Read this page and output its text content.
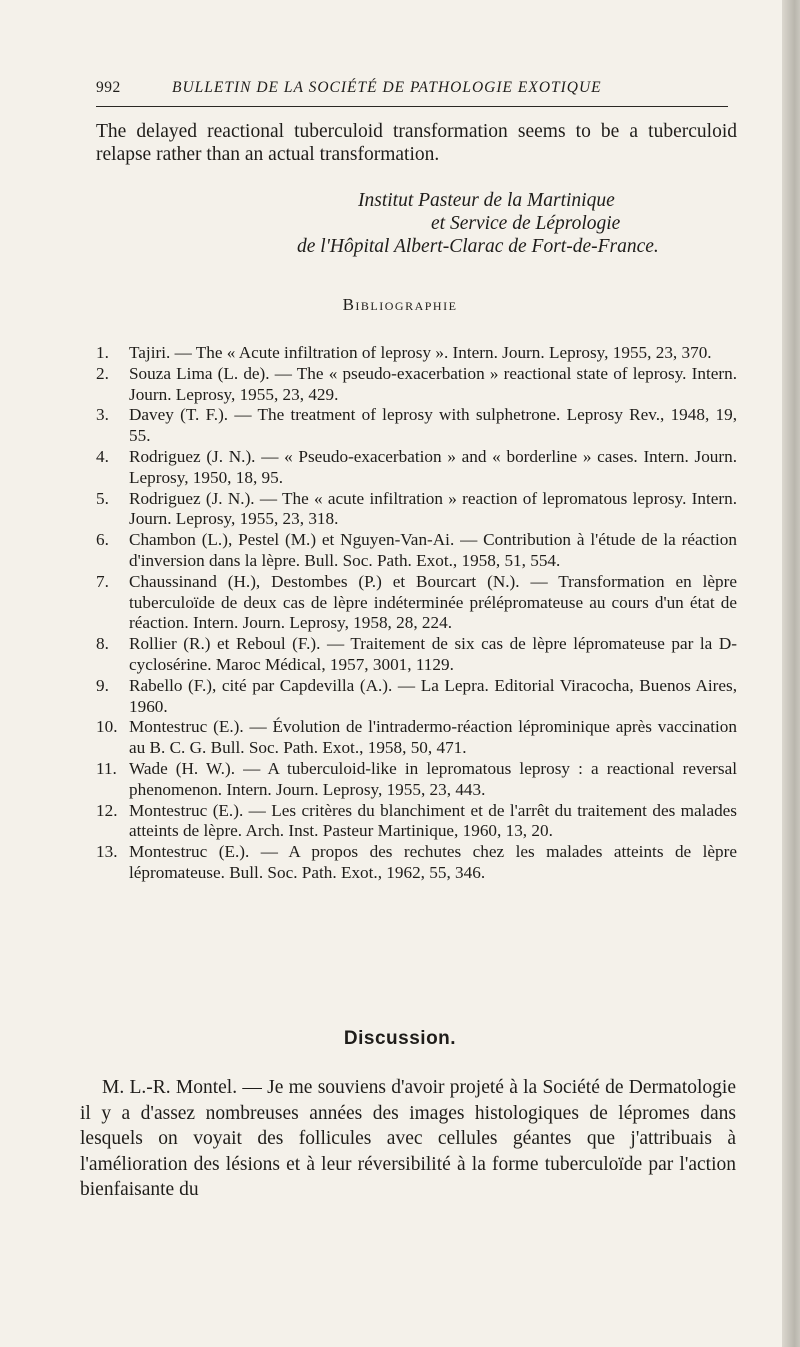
992	BULLETIN DE LA SOCIÉTÉ DE PATHOLOGIE EXOTIQUE
The delayed reactional tuberculoid transformation seems to be a tuberculoid relapse rather than an actual transformation.
Institut Pasteur de la Martinique
et Service de Léprologie
de l'Hôpital Albert-Clarac de Fort-de-France.
Bibliographie
1.	Tajiri. — The « Acute infiltration of leprosy ». Intern. Journ. Leprosy, 1955, 23, 370.
2.	Souza Lima (L. de). — The « pseudo-exacerbation » reactional state of leprosy. Intern. Journ. Leprosy, 1955, 23, 429.
3.	Davey (T. F.). — The treatment of leprosy with sulphetrone. Leprosy Rev., 1948, 19, 55.
4.	Rodriguez (J. N.). — « Pseudo-exacerbation » and « borderline » cases. Intern. Journ. Leprosy, 1950, 18, 95.
5.	Rodriguez (J. N.). — The « acute infiltration » reaction of lepromatous leprosy. Intern. Journ. Leprosy, 1955, 23, 318.
6.	Chambon (L.), Pestel (M.) et Nguyen-Van-Ai. — Contribution à l'étude de la réaction d'inversion dans la lèpre. Bull. Soc. Path. Exot., 1958, 51, 554.
7.	Chaussinand (H.), Destombes (P.) et Bourcart (N.). — Transformation en lèpre tuberculoïde de deux cas de lèpre indéterminée prélépromateuse au cours d'un état de réaction. Intern. Journ. Leprosy, 1958, 28, 224.
8.	Rollier (R.) et Reboul (F.). — Traitement de six cas de lèpre lépromateuse par la D-cyclosérine. Maroc Médical, 1957, 3001, 1129.
9.	Rabello (F.), cité par Capdevilla (A.). — La Lepra. Editorial Viracocha, Buenos Aires, 1960.
10. Montestruc (E.). — Évolution de l'intradermo-réaction léprominique après vaccination au B. C. G. Bull. Soc. Path. Exot., 1958, 50, 471.
11. Wade (H. W.). — A tuberculoid-like in lepromatous leprosy : a reactional reversal phenomenon. Intern. Journ. Leprosy, 1955, 23, 443.
12. Montestruc (E.). — Les critères du blanchiment et de l'arrêt du traitement des malades atteints de lèpre. Arch. Inst. Pasteur Martinique, 1960, 13, 20.
13. Montestruc (E.). — A propos des rechutes chez les malades atteints de lèpre lépromateuse. Bull. Soc. Path. Exot., 1962, 55, 346.
Discussion.
M. L.-R. Montel. — Je me souviens d'avoir projeté à la Société de Dermatologie il y a d'assez nombreuses années des images histologiques de lépromes dans lesquels on voyait des follicules avec cellules géantes que j'attribuais à l'amélioration des lésions et à leur réversibilité à la forme tuberculoïde par l'action bienfaisante du
